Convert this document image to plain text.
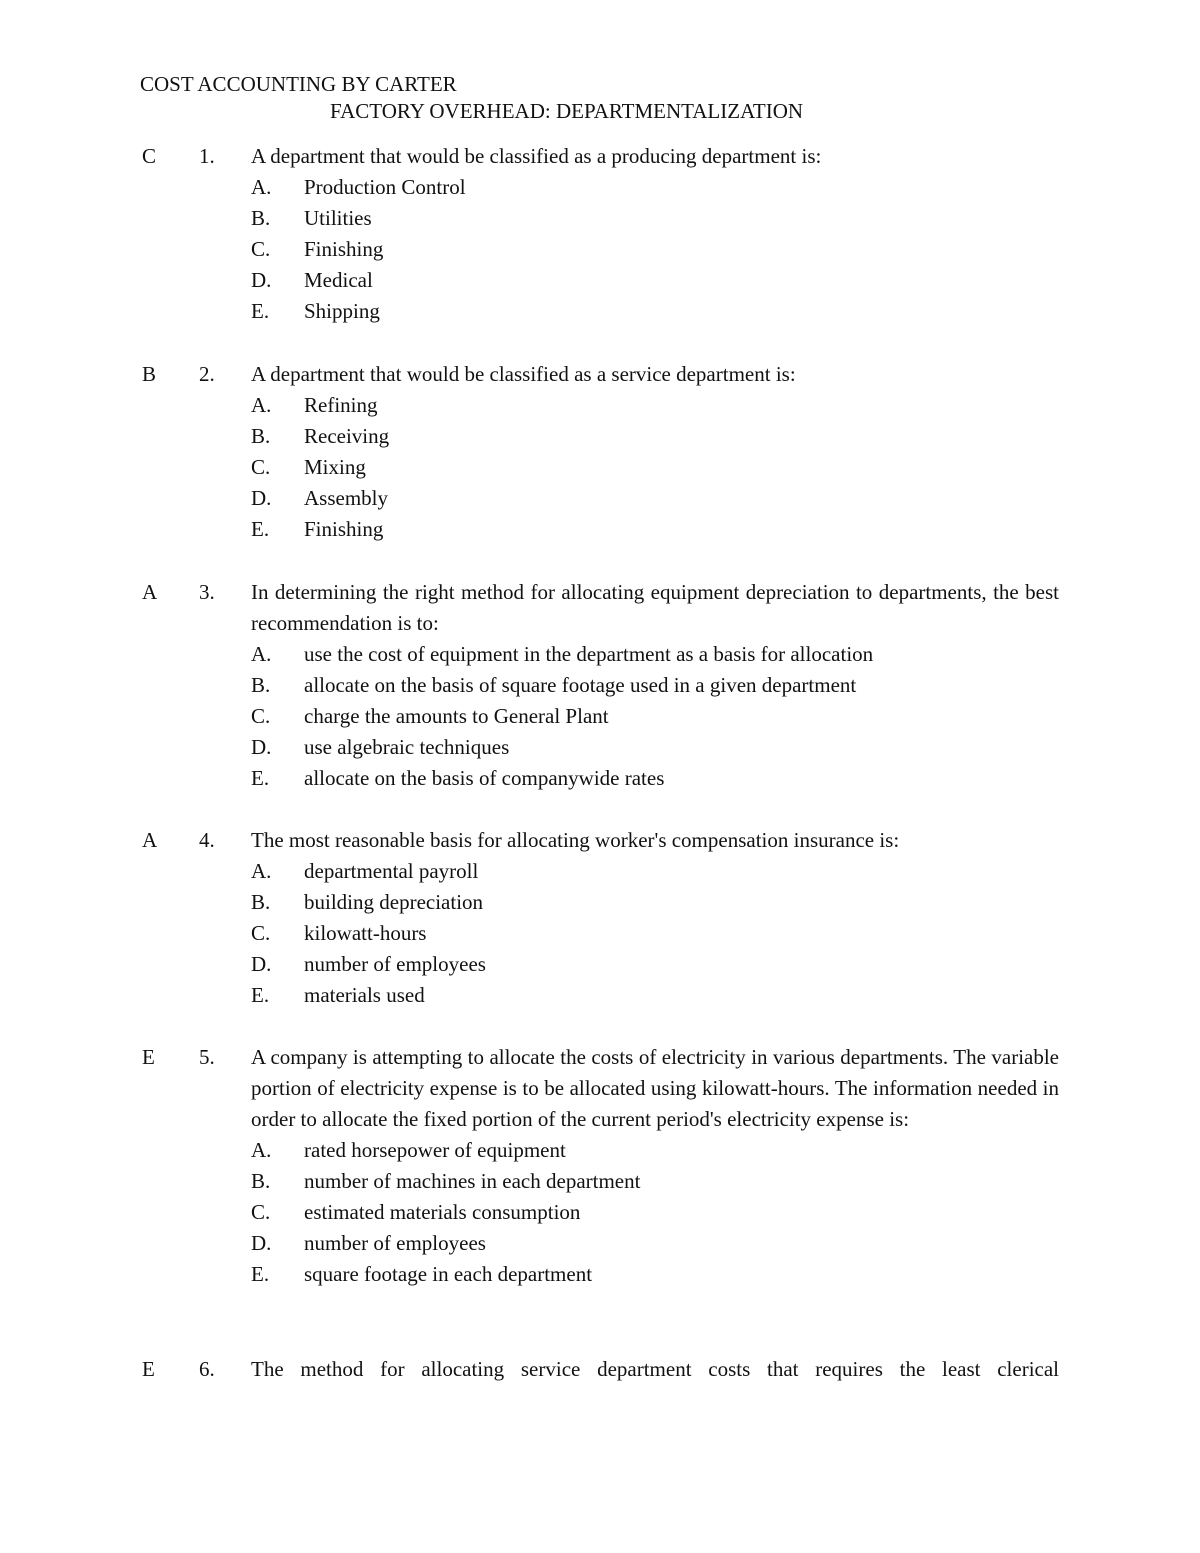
COST ACCOUNTING BY CARTER
FACTORY OVERHEAD: DEPARTMENTALIZATION
C 1. A department that would be classified as a producing department is:

A. Production Control
B. Utilities
C. Finishing
D. Medical
E. Shipping
B 2. A department that would be classified as a service department is:

A. Refining
B. Receiving
C. Mixing
D. Assembly
E. Finishing
A 3. In determining the right method for allocating equipment depreciation to departments, the best recommendation is to:

A. use the cost of equipment in the department as a basis for allocation
B. allocate on the basis of square footage used in a given department
C. charge the amounts to General Plant
D. use algebraic techniques
E. allocate on the basis of companywide rates
A 4. The most reasonable basis for allocating worker's compensation insurance is:

A. departmental payroll
B. building depreciation
C. kilowatt-hours
D. number of employees
E. materials used
E 5. A company is attempting to allocate the costs of electricity in various departments. The variable portion of electricity expense is to be allocated using kilowatt-hours. The information needed in order to allocate the fixed portion of the current period's electricity expense is:

A. rated horsepower of equipment
B. number of machines in each department
C. estimated materials consumption
D. number of employees
E. square footage in each department
E 6. The method for allocating service department costs that requires the least clerical
